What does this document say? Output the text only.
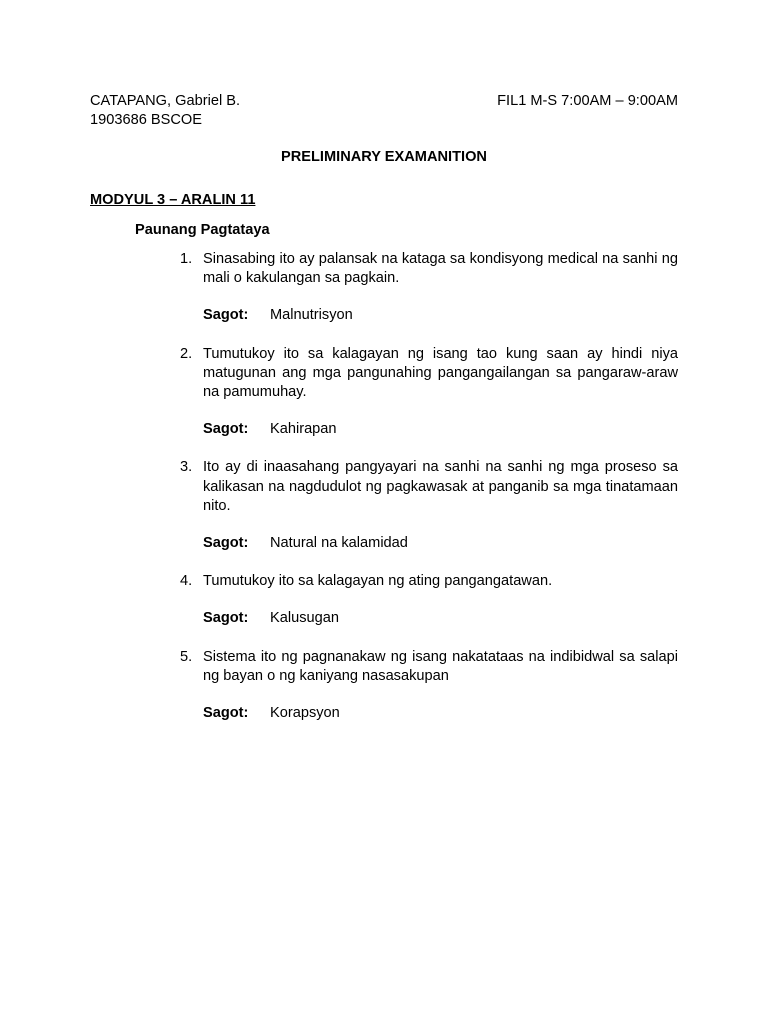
CATAPANG, Gabriel B.	FIL1 M-S 7:00AM – 9:00AM
1903686 BSCOE
PRELIMINARY EXAMANITION
MODYUL 3 – ARALIN 11
Paunang Pagtataya
1. Sinasabing ito ay palansak na kataga sa kondisyong medical na sanhi ng mali o kakulangan sa pagkain.
Sagot:	Malnutrisyon
2. Tumutukoy ito sa kalagayan ng isang tao kung saan ay hindi niya matugunan ang mga pangunahing pangangailangan sa pangaraw-araw na pamumuhay.
Sagot:	Kahirapan
3. Ito ay di inaasahang pangyayari na sanhi na sanhi ng mga proseso sa kalikasan na nagdudulot ng pagkawasak at panganib sa mga tinatamaan nito.
Sagot:	Natural na kalamidad
4. Tumutukoy ito sa kalagayan ng ating pangangatawan.
Sagot:	Kalusugan
5. Sistema ito ng pagnanakaw ng isang nakatataas na indibidwal sa salapi ng bayan o ng kaniyang nasasakupan
Sagot:	Korapsyon
